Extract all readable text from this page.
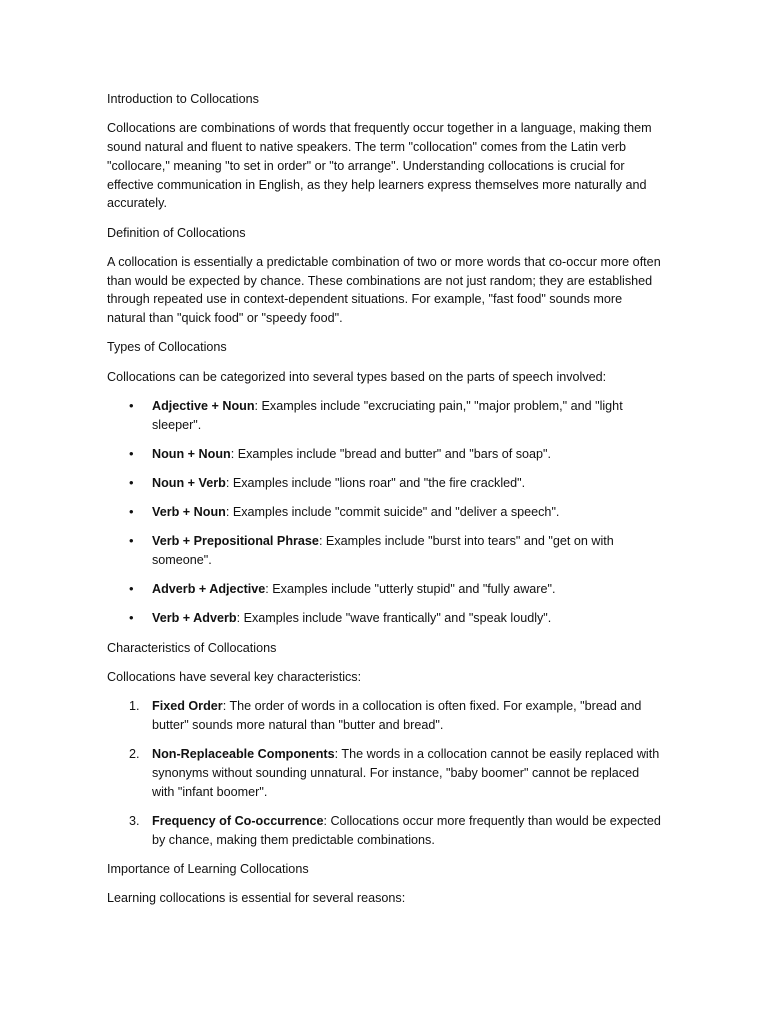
Introduction to Collocations

Collocations are combinations of words that frequently occur together in a language, making them sound natural and fluent to native speakers. The term "collocation" comes from the Latin verb "collocare," meaning "to set in order" or "to arrange". Understanding collocations is crucial for effective communication in English, as they help learners express themselves more naturally and accurately.

Definition of Collocations

A collocation is essentially a predictable combination of two or more words that co-occur more often than would be expected by chance. These combinations are not just random; they are established through repeated use in context-dependent situations. For example, "fast food" sounds more natural than "quick food" or "speedy food".

Types of Collocations

Collocations can be categorized into several types based on the parts of speech involved:

• Adjective + Noun: Examples include "excruciating pain," "major problem," and "light sleeper".
• Noun + Noun: Examples include "bread and butter" and "bars of soap".
• Noun + Verb: Examples include "lions roar" and "the fire crackled".
• Verb + Noun: Examples include "commit suicide" and "deliver a speech".
• Verb + Prepositional Phrase: Examples include "burst into tears" and "get on with someone".
• Adverb + Adjective: Examples include "utterly stupid" and "fully aware".
• Verb + Adverb: Examples include "wave frantically" and "speak loudly".

Characteristics of Collocations

Collocations have several key characteristics:

1. Fixed Order: The order of words in a collocation is often fixed. For example, "bread and butter" sounds more natural than "butter and bread".
2. Non-Replaceable Components: The words in a collocation cannot be easily replaced with synonyms without sounding unnatural. For instance, "baby boomer" cannot be replaced with "infant boomer".
3. Frequency of Co-occurrence: Collocations occur more frequently than would be expected by chance, making them predictable combinations.

Importance of Learning Collocations

Learning collocations is essential for several reasons:
